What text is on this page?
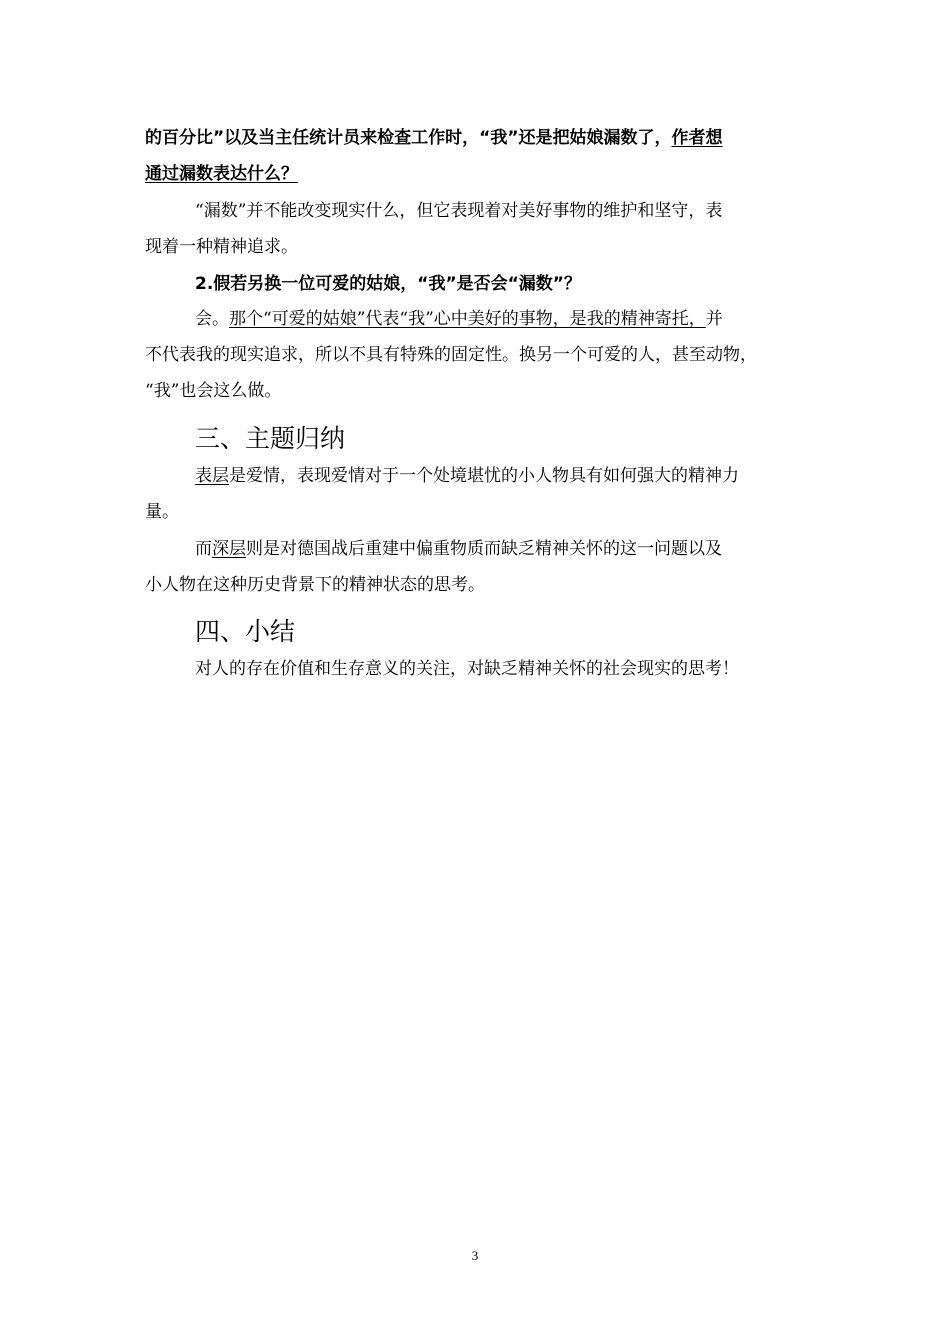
的百分比”以及当主任统计员来检查工作时，“我”还是把姑娘漏数了，作者想
通过漏数表达什么？
“漏数”并不能改变现实什么，但它表现着对美好事物的维护和坚守，表
现着一种精神追求。
2.假若另换一位可爱的姑娘，“我”是否会“漏数”？
会。那个“可爱的姑娘”代表“我”心中美好的事物，是我的精神寄托，并
不代表我的现实追求，所以不具有特殊的固定性。换另一个可爱的人，甚至动物，
“我”也会这么做。
三、主题归纳
表层是爱情，表现爱情对于一个处境堪忧的小人物具有如何强大的精神力
量。
而深层则是对德国战后重建中偏重物质而缺乏精神关怀的这一问题以及
小人物在这种历史背景下的精神状态的思考。
四、小结
对人的存在价值和生存意义的关注，对缺乏精神关怀的社会现实的思考！
3
